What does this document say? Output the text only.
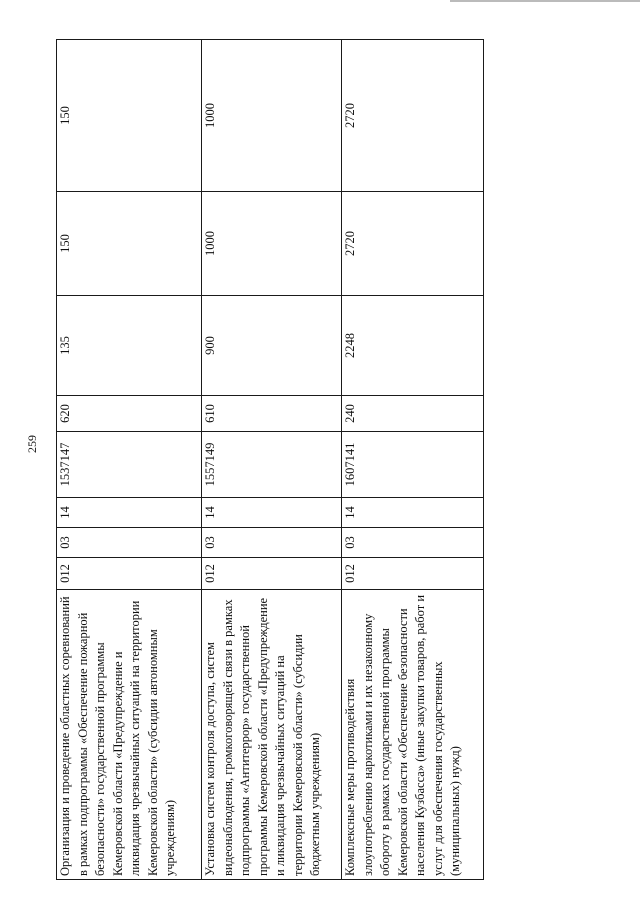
259
Организация и проведение областных соревнований в рамках подпрограммы «Обеспечение пожарной безопасности» государственной программы Кемеровской области «Предупреждение и ликвидация чрезвычайных ситуаций на территории Кемеровской области» (субсидии автономным учреждениям)	012	03	14	1537147	620	135	150	150
Установка систем контроля доступа, систем видеонаблюдения, громкоговорящей связи в рамках подпрограммы «Антитеррор» государственной программы Кемеровской области «Предупреждение и ликвидация чрезвычайных ситуаций на территории Кемеровской области» (субсидии бюджетным учреждениям)	012	03	14	1557149	610	900	1000	1000
Комплексные меры противодействия злоупотреблению наркотиками и их незаконному обороту в рамках государственной программы Кемеровской области «Обеспечение безопасности населения Кузбасса» (иные закупки товаров, работ и услуг для обеспечения государственных (муниципальных) нужд)	012	03	14	1607141	240	2248	2720	2720
